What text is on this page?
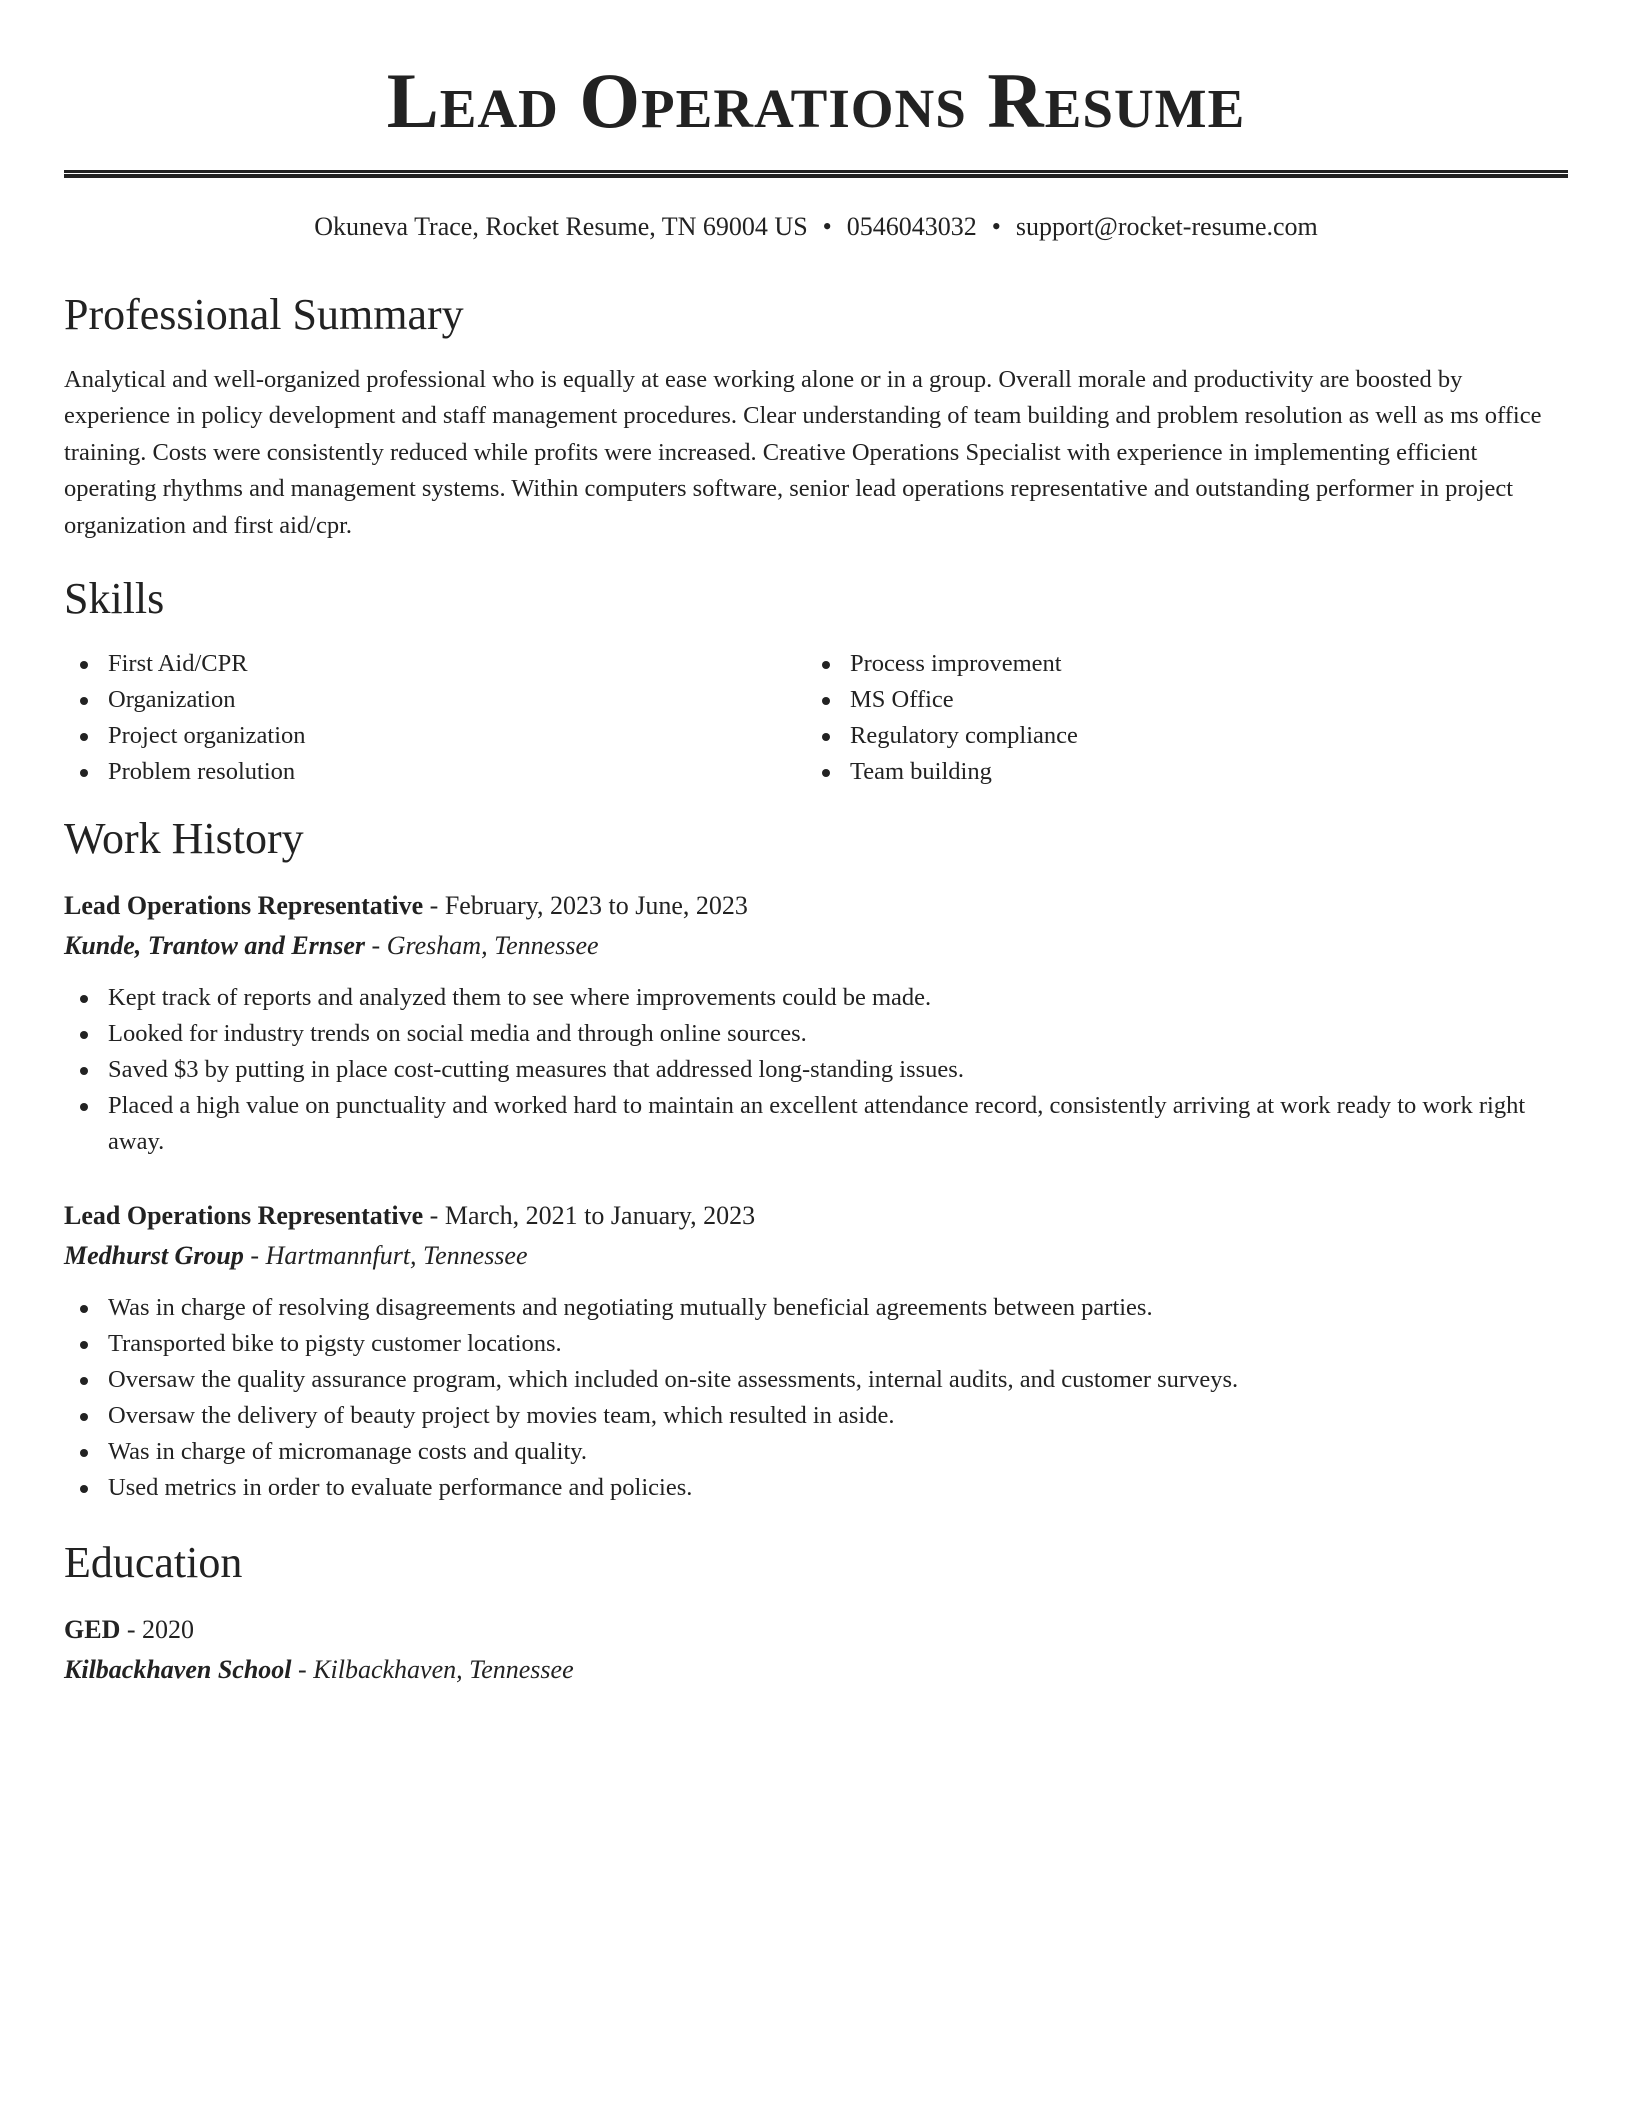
Lead Operations Resume
Okuneva Trace, Rocket Resume, TN 69004 US • 0546043032 • support@rocket-resume.com
Professional Summary

Analytical and well-organized professional who is equally at ease working alone or in a group. Overall morale and productivity are boosted by experience in policy development and staff management procedures. Clear understanding of team building and problem resolution as well as ms office training. Costs were consistently reduced while profits were increased. Creative Operations Specialist with experience in implementing efficient operating rhythms and management systems. Within computers software, senior lead operations representative and outstanding performer in project organization and first aid/cpr.

Skills
First Aid/CPR
Organization
Project organization
Problem resolution
Process improvement
MS Office
Regulatory compliance
Team building
Work History
Lead Operations Representative - February, 2023 to June, 2023
Kunde, Trantow and Ernser - Gresham, Tennessee
Kept track of reports and analyzed them to see where improvements could be made.
Looked for industry trends on social media and through online sources.
Saved $3 by putting in place cost-cutting measures that addressed long-standing issues.
Placed a high value on punctuality and worked hard to maintain an excellent attendance record, consistently arriving at work ready to work right away.
Lead Operations Representative - March, 2021 to January, 2023
Medhurst Group - Hartmannfurt, Tennessee
Was in charge of resolving disagreements and negotiating mutually beneficial agreements between parties.
Transported bike to pigsty customer locations.
Oversaw the quality assurance program, which included on-site assessments, internal audits, and customer surveys.
Oversaw the delivery of beauty project by movies team, which resulted in aside.
Was in charge of micromanage costs and quality.
Used metrics in order to evaluate performance and policies.
Education
GED - 2020
Kilbackhaven School - Kilbackhaven, Tennessee
